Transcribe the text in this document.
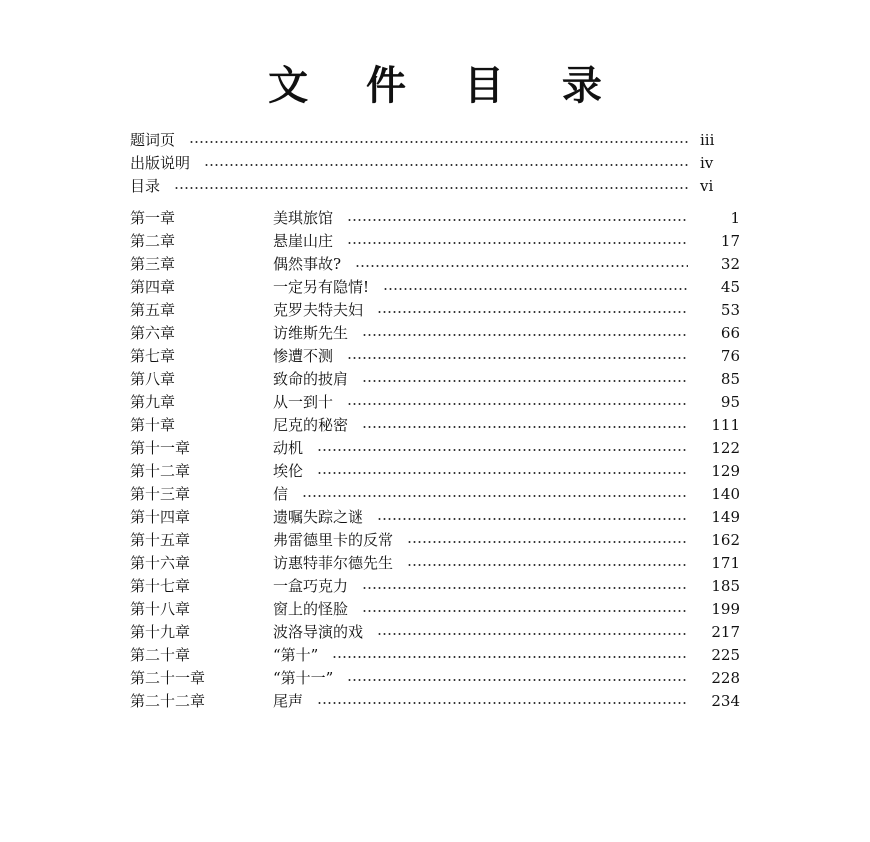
文 件 目 录
题词页	iii
出版说明	iv
目录	vi
第一章	美琪旅馆	1
第二章	悬崖山庄	17
第三章	偶然事故?	32
第四章	一定另有隐情!	45
第五章	克罗夫特夫妇	53
第六章	访维斯先生	66
第七章	惨遭不测	76
第八章	致命的披肩	85
第九章	从一到十	95
第十章	尼克的秘密	111
第十一章	动机	122
第十二章	埃伦	129
第十三章	信	140
第十四章	遗嘱失踪之谜	149
第十五章	弗雷德里卡的反常	162
第十六章	访惠特菲尔德先生	171
第十七章	一盒巧克力	185
第十八章	窗上的怪脸	199
第十九章	波洛导演的戏	217
第二十章	“第十”	225
第二十一章	“第十一”	228
第二十二章	尾声	234
